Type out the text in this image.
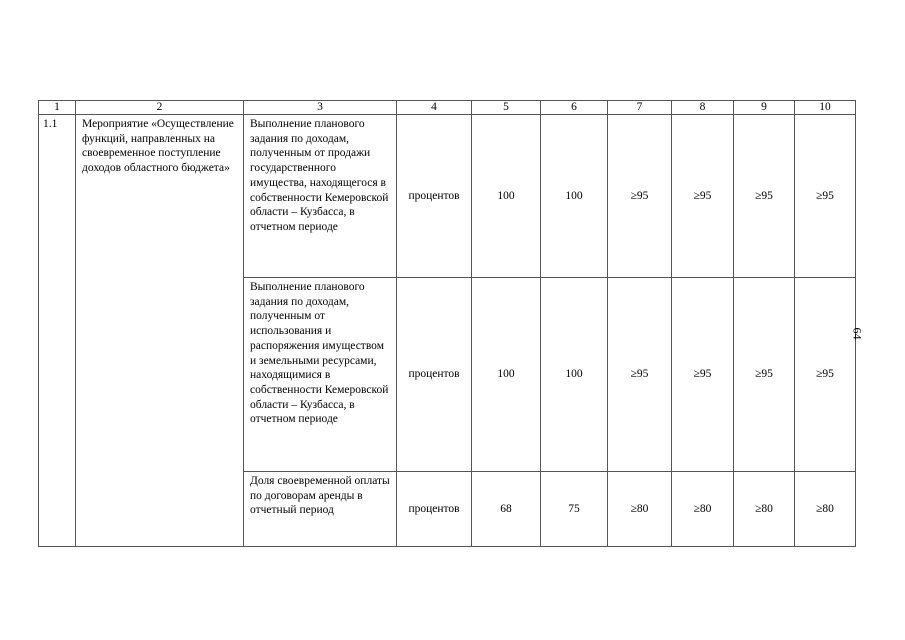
1	2	3	4	5	6	7	8	9	10
1.1	Мероприятие «Осуществление функций, направленных на своевременное поступление доходов областного бюджета»	Выполнение планового задания по доходам, полученным от продажи государственного имущества, находящегося в собственности Кемеровской области – Кузбасса, в отчетном периоде	процентов	100	100	≥95	≥95	≥95	≥95
		Выполнение планового задания по доходам, полученным от использования и распоряжения имуществом и земельными ресурсами, находящимися в собственности Кемеровской области – Кузбасса, в отчетном периоде	процентов	100	100	≥95	≥95	≥95	≥95
		Доля своевременной оплаты по договорам аренды в отчетный период	процентов	68	75	≥80	≥80	≥80	≥80
64
